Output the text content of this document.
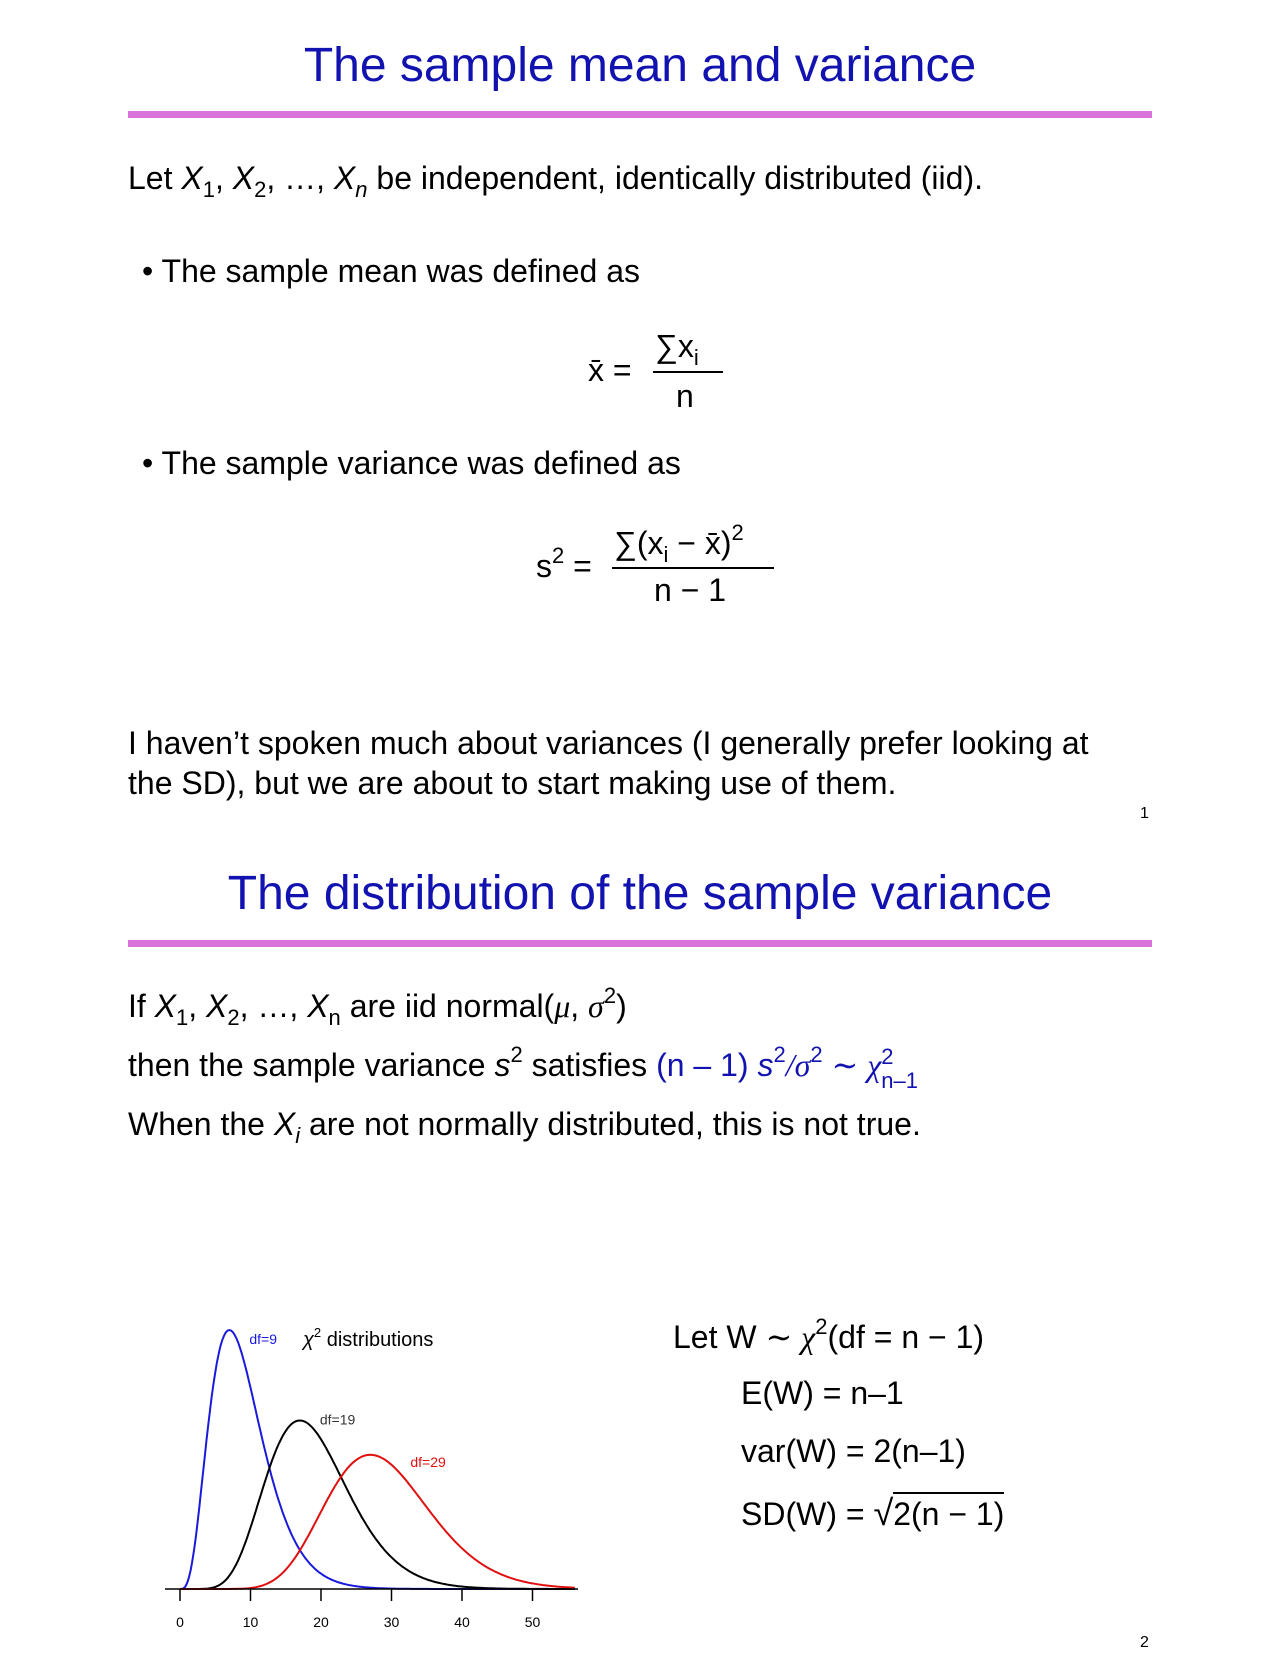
The sample mean and variance
Let $X_1$, $X_2$, …, $X_n$ be independent, identically distributed (iid).
• The sample mean was defined as
x̄ =
$\sum x_i$
n
• The sample variance was defined as
$s^2$ =
$\sum(x_i$ − x̄)$^2$
n − 1
I haven’t spoken much about variances (I generally prefer looking at
the SD), but we are about to start making use of them.
1
The distribution of the sample variance
If $X_1$, $X_2$, …, $X_n$ are iid normal(μ, $\sigma^2$)
then the sample variance $s^2$ satisfies (n – 1) $s^2/\sigma^2$ ∼ χ 2
n–1
When the $X_i$ are not normally distributed, this is not true.
$\chi^2$ distributions
df=9
df=19
df=29
0	10	20	30	40	50
Let W ∼ $\chi^2(df = n - 1)$
E(W) = n–1
var(W) = 2(n–1)
SD(W) = √2(n − 1)
2
